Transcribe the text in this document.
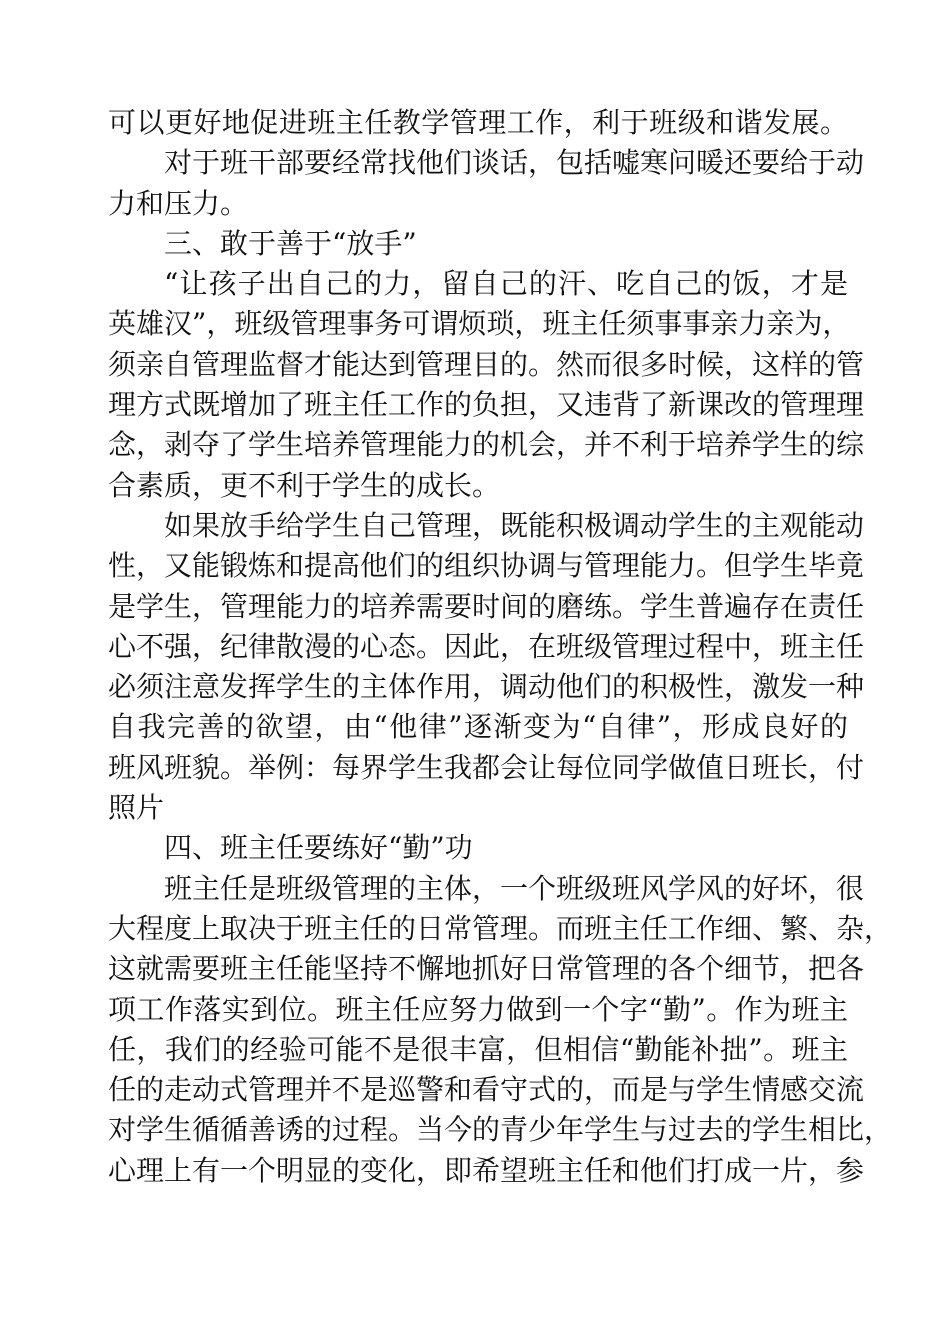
可以更好地促进班主任教学管理工作，利于班级和谐发展。
对于班干部要经常找他们谈话，包括嘘寒问暖还要给于动
力和压力。
三、敢于善于“放手”
“让孩子出自己的力，留自己的汗、吃自己的饭，才是
英雄汉”，班级管理事务可谓烦琐，班主任须事事亲力亲为，
须亲自管理监督才能达到管理目的。然而很多时候，这样的管
理方式既增加了班主任工作的负担，又违背了新课改的管理理
念，剥夺了学生培养管理能力的机会，并不利于培养学生的综
合素质，更不利于学生的成长。
如果放手给学生自己管理，既能积极调动学生的主观能动
性，又能锻炼和提高他们的组织协调与管理能力。但学生毕竟
是学生，管理能力的培养需要时间的磨练。学生普遍存在责任
心不强，纪律散漫的心态。因此，在班级管理过程中，班主任
必须注意发挥学生的主体作用，调动他们的积极性，激发一种
自我完善的欲望，由“他律”逐渐变为“自律”，形成良好的
班风班貌。举例：每界学生我都会让每位同学做值日班长，付
照片
四、班主任要练好“勤”功
班主任是班级管理的主体，一个班级班风学风的好坏，很
大程度上取决于班主任的日常管理。而班主任工作细、繁、杂，
这就需要班主任能坚持不懈地抓好日常管理的各个细节，把各
项工作落实到位。班主任应努力做到一个字“勤”。作为班主
任，我们的经验可能不是很丰富，但相信“勤能补拙”。班主
任的走动式管理并不是巡警和看守式的，而是与学生情感交流
对学生循循善诱的过程。当今的青少年学生与过去的学生相比，
心理上有一个明显的变化，即希望班主任和他们打成一片，参
